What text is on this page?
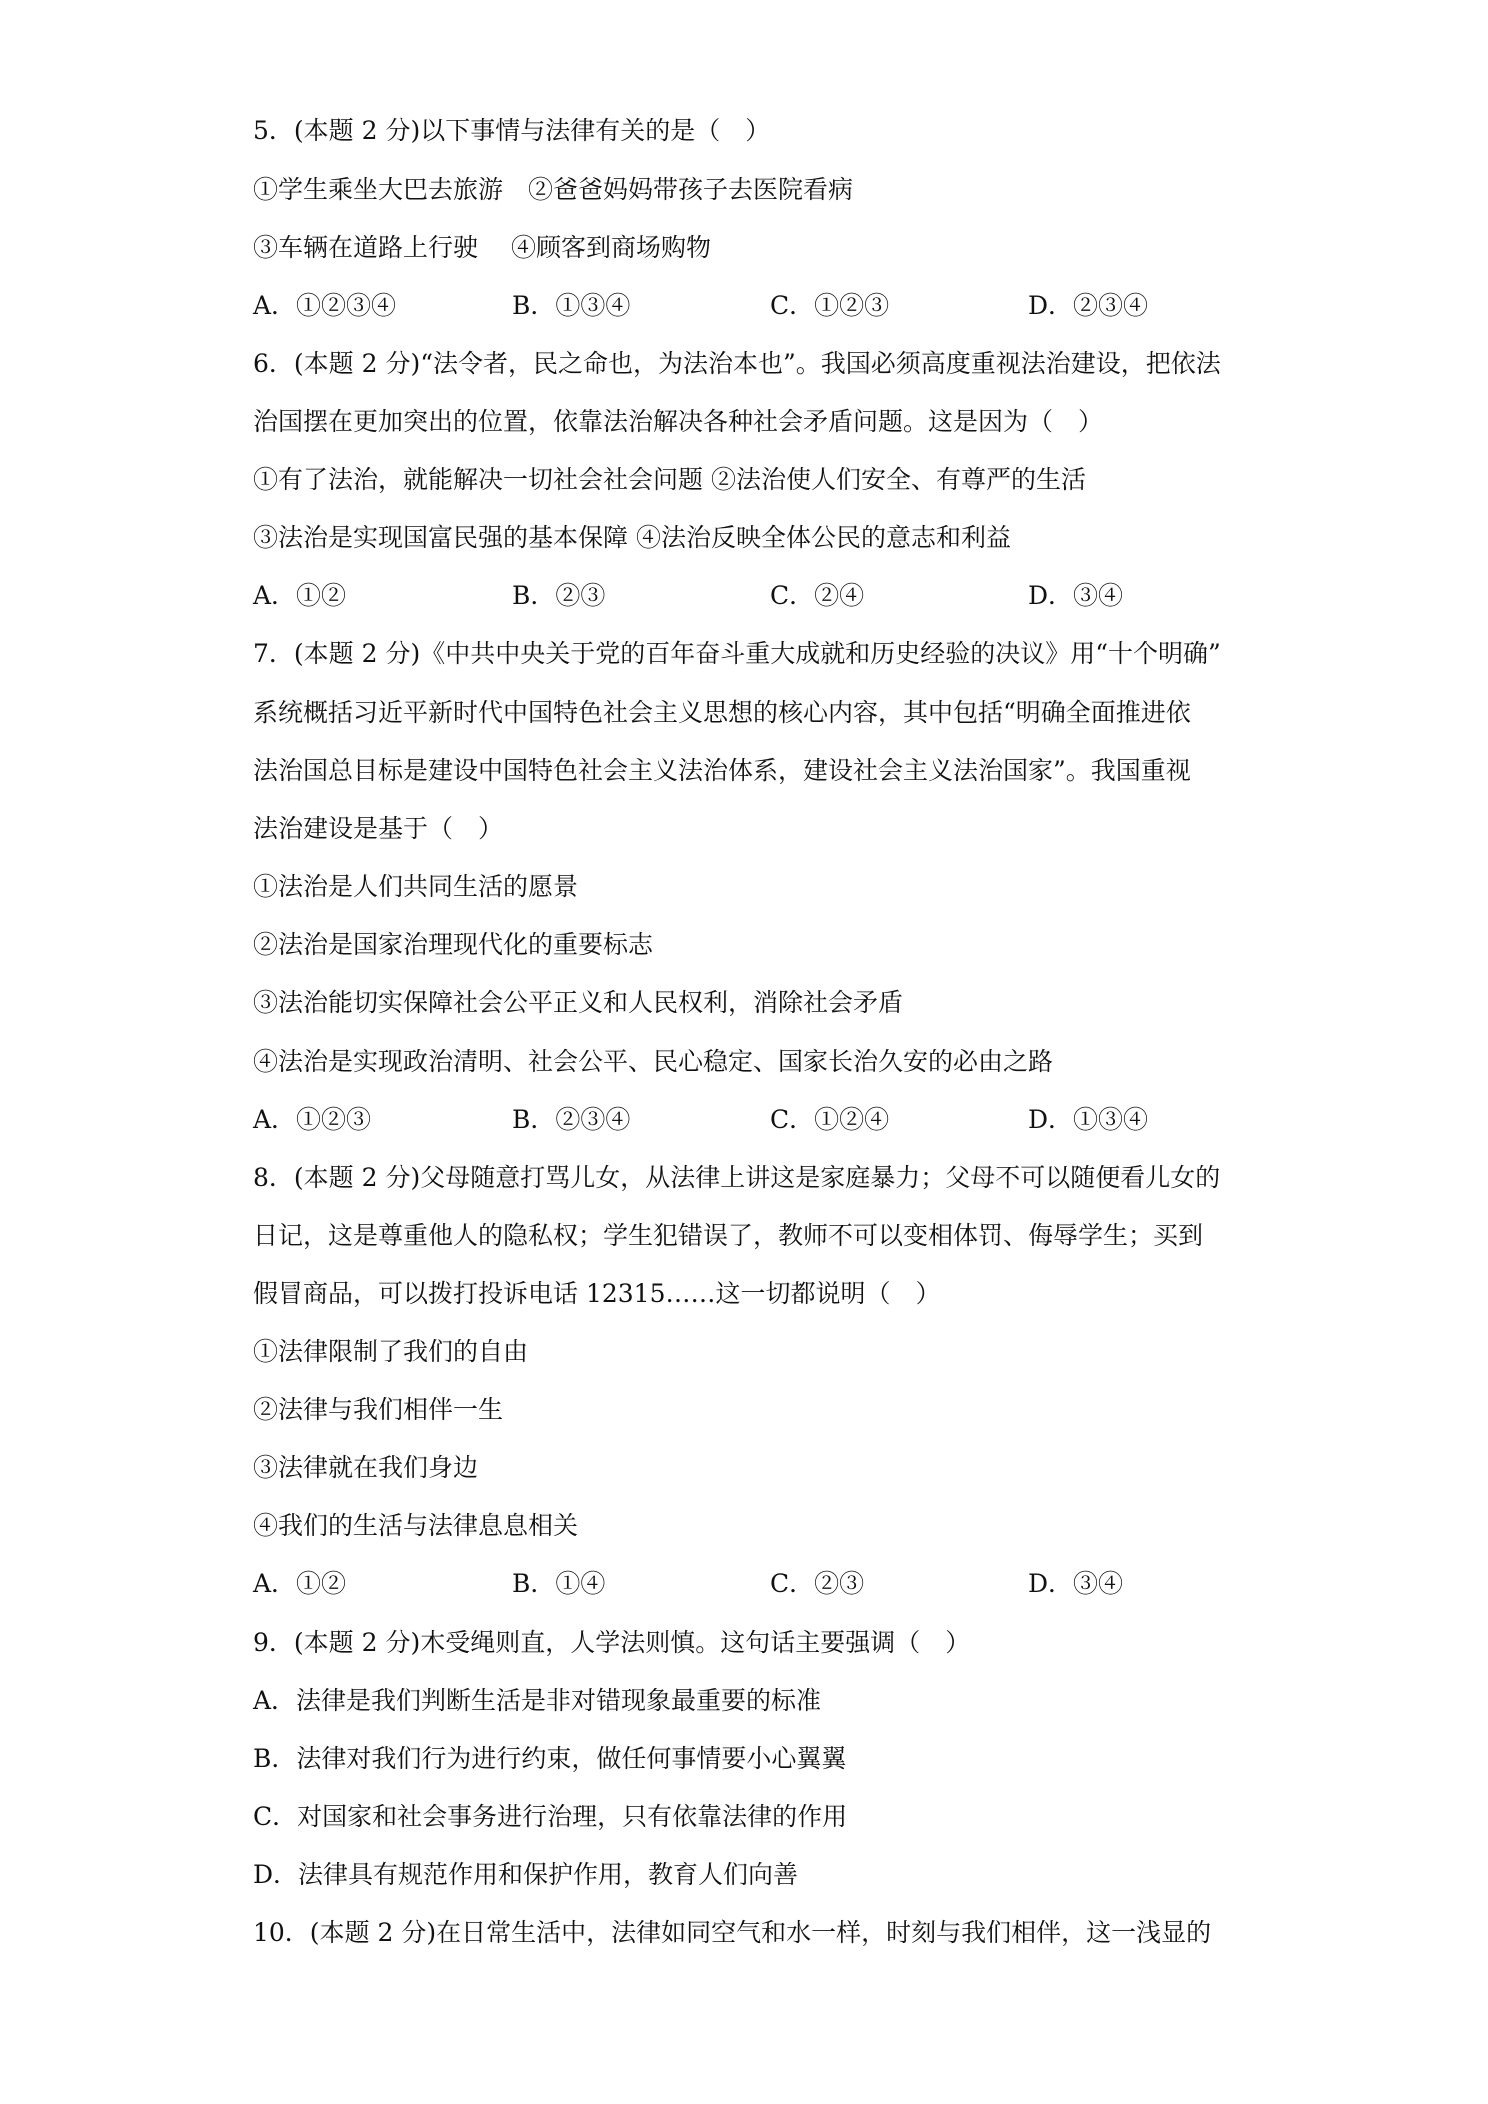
5．(本题 2 分)以下事情与法律有关的是（　）
①学生乘坐大巴去旅游　②爸爸妈妈带孩子去医院看病
③车辆在道路上行驶　 ④顾客到商场购物
A．①②③④	B．①③④	C．①②③	D．②③④
6．(本题 2 分)“法令者，民之命也，为法治本也”。我国必须高度重视法治建设，把依法
治国摆在更加突出的位置，依靠法治解决各种社会矛盾问题。这是因为（　）
①有了法治，就能解决一切社会社会问题 ②法治使人们安全、有尊严的生活
③法治是实现国富民强的基本保障 ④法治反映全体公民的意志和利益
A．①②	B．②③	C．②④	D．③④
7．(本题 2 分)《中共中央关于党的百年奋斗重大成就和历史经验的决议》用“十个明确”
系统概括习近平新时代中国特色社会主义思想的核心内容，其中包括“明确全面推进依
法治国总目标是建设中国特色社会主义法治体系，建设社会主义法治国家”。我国重视
法治建设是基于（　）
①法治是人们共同生活的愿景
②法治是国家治理现代化的重要标志
③法治能切实保障社会公平正义和人民权利，消除社会矛盾
④法治是实现政治清明、社会公平、民心稳定、国家长治久安的必由之路
A．①②③	B．②③④	C．①②④	D．①③④
8．(本题 2 分)父母随意打骂儿女，从法律上讲这是家庭暴力；父母不可以随便看儿女的
日记，这是尊重他人的隐私权；学生犯错误了，教师不可以变相体罚、侮辱学生；买到
假冒商品，可以拨打投诉电话 12315……这一切都说明（　）
①法律限制了我们的自由
②法律与我们相伴一生
③法律就在我们身边
④我们的生活与法律息息相关
A．①②	B．①④	C．②③	D．③④
9．(本题 2 分)木受绳则直，人学法则慎。这句话主要强调（　）
A．法律是我们判断生活是非对错现象最重要的标准
B．法律对我们行为进行约束，做任何事情要小心翼翼
C．对国家和社会事务进行治理，只有依靠法律的作用
D．法律具有规范作用和保护作用，教育人们向善
10．(本题 2 分)在日常生活中，法律如同空气和水一样，时刻与我们相伴，这一浅显的
